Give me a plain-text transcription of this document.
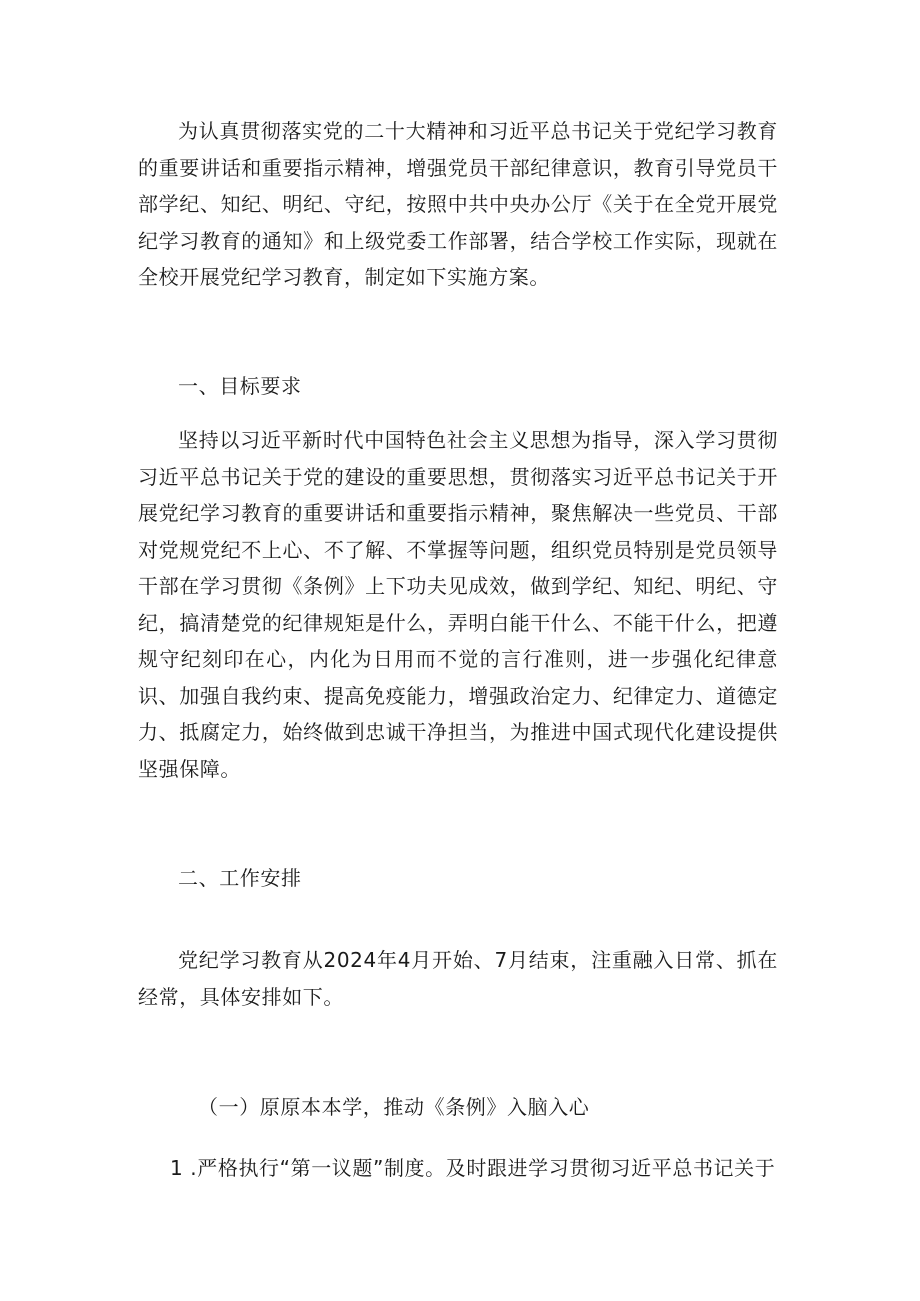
为认真贯彻落实党的二十大精神和习近平总书记关于党纪学习教育的重要讲话和重要指示精神，增强党员干部纪律意识，教育引导党员干部学纪、知纪、明纪、守纪，按照中共中央办公厅《关于在全党开展党纪学习教育的通知》和上级党委工作部署，结合学校工作实际，现就在全校开展党纪学习教育，制定如下实施方案。

一、目标要求

坚持以习近平新时代中国特色社会主义思想为指导，深入学习贯彻习近平总书记关于党的建设的重要思想，贯彻落实习近平总书记关于开展党纪学习教育的重要讲话和重要指示精神，聚焦解决一些党员、干部对党规党纪不上心、不了解、不掌握等问题，组织党员特别是党员领导干部在学习贯彻《条例》上下功夫见成效，做到学纪、知纪、明纪、守纪，搞清楚党的纪律规矩是什么，弄明白能干什么、不能干什么，把遵规守纪刻印在心，内化为日用而不觉的言行准则，进一步强化纪律意识、加强自我约束、提高免疫能力，增强政治定力、纪律定力、道德定力、抵腐定力，始终做到忠诚干净担当，为推进中国式现代化建设提供坚强保障。

二、工作安排

党纪学习教育从2024年4月开始、7月结束，注重融入日常、抓在经常，具体安排如下。

（一）原原本本学，推动《条例》入脑入心

1 .严格执行“第一议题”制度。及时跟进学习贯彻习近平总书记关于
